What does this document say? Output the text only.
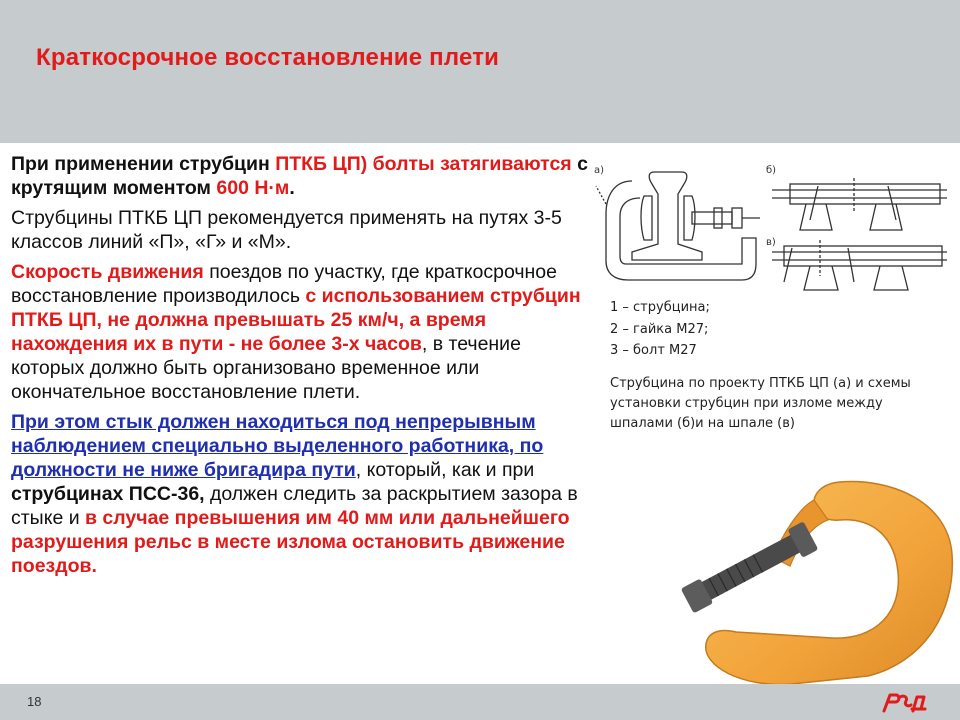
Краткосрочное восстановление плети

При применении струбцин ПТКБ ЦП) болты затягиваются с крутящим моментом 600 Н·м.

Струбцины ПТКБ ЦП рекомендуется применять на путях 3-5 классов линий «П», «Г» и «М».

Скорость движения поездов по участку, где краткосрочное восстановление производилось с использованием струбцин ПТКБ ЦП, не должна превышать 25 км/ч, а время нахождения их в пути - не более 3-х часов, в течение которых должно быть организовано временное или окончательное восстановление плети.

При этом стык должен находиться под непрерывным наблюдением специально выделенного работника, по должности не ниже бригадира пути, который, как и при струбцинах ПСС-36, должен следить за раскрытием зазора в стыке и в случае превышения им 40 мм или дальнейшего разрушения рельс в месте излома остановить движение поездов.

а)	б)
в)
1 – струбцина;
2 – гайка М27;
3 – болт М27
Струбцина по проекту ПТКБ ЦП (а) и схемы установки струбцин при изломе между шпалами (б)и на шпале (в)
18
